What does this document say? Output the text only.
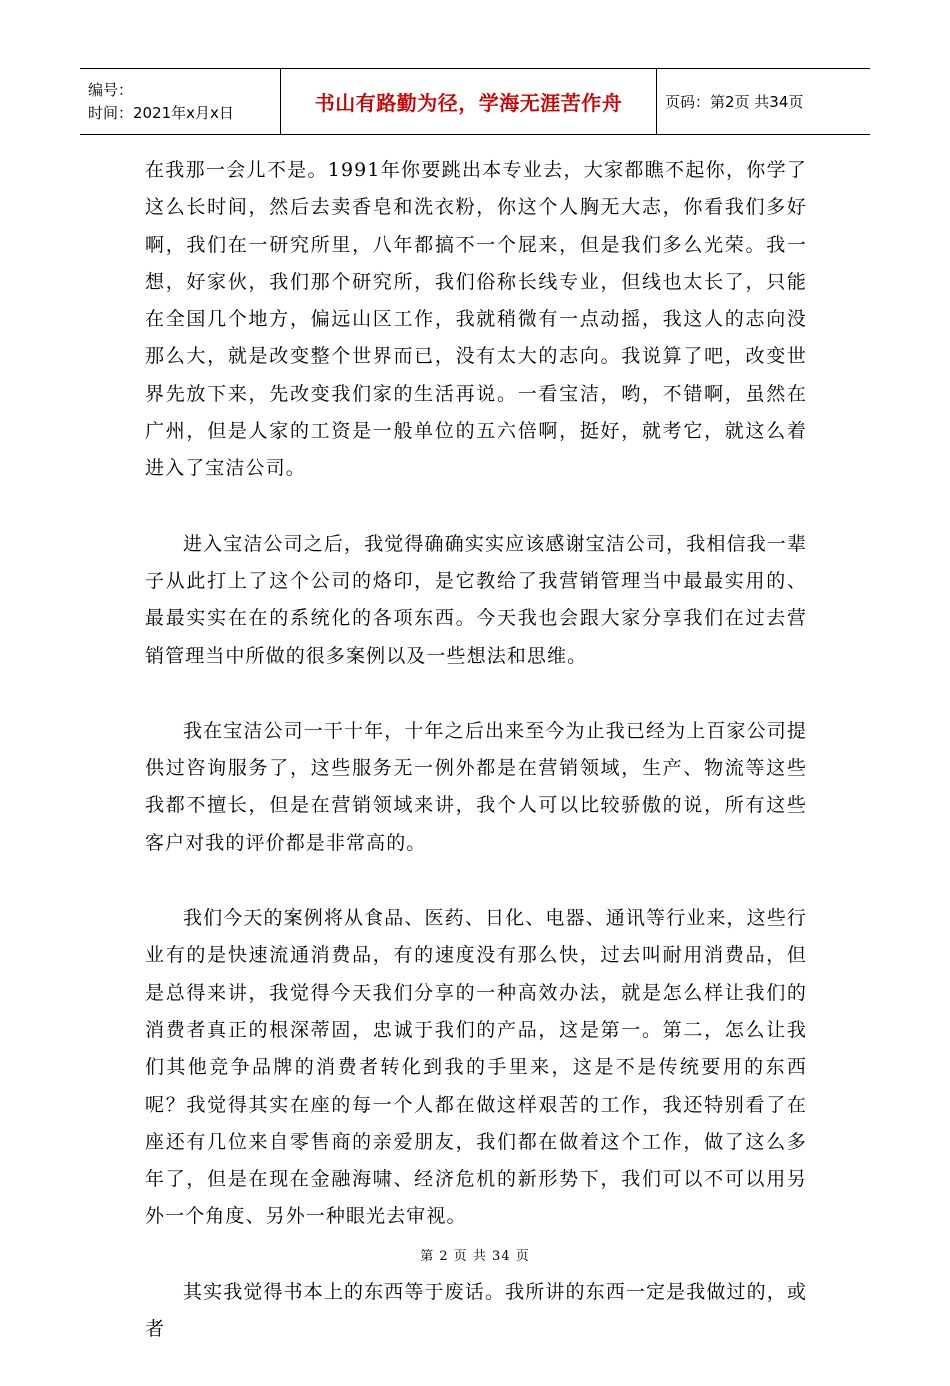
编号：
时间：2021年x月x日	书山有路勤为径，学海无涯苦作舟	页码：第2页 共34页

在我那一会儿不是。1991年你要跳出本专业去，大家都瞧不起你，你学了这么长时间，然后去卖香皂和洗衣粉，你这个人胸无大志，你看我们多好啊，我们在一研究所里，八年都搞不一个屁来，但是我们多么光荣。我一想，好家伙，我们那个研究所，我们俗称长线专业，但线也太长了，只能在全国几个地方，偏远山区工作，我就稍微有一点动摇，我这人的志向没那么大，就是改变整个世界而已，没有太大的志向。我说算了吧，改变世界先放下来，先改变我们家的生活再说。一看宝洁，哟，不错啊，虽然在广州，但是人家的工资是一般单位的五六倍啊，挺好，就考它，就这么着进入了宝洁公司。

进入宝洁公司之后，我觉得确确实实应该感谢宝洁公司，我相信我一辈子从此打上了这个公司的烙印，是它教给了我营销管理当中最最实用的、最最实实在在的系统化的各项东西。今天我也会跟大家分享我们在过去营销管理当中所做的很多案例以及一些想法和思维。

我在宝洁公司一干十年，十年之后出来至今为止我已经为上百家公司提供过咨询服务了，这些服务无一例外都是在营销领域，生产、物流等这些我都不擅长，但是在营销领域来讲，我个人可以比较骄傲的说，所有这些客户对我的评价都是非常高的。

我们今天的案例将从食品、医药、日化、电器、通讯等行业来，这些行业有的是快速流通消费品，有的速度没有那么快，过去叫耐用消费品，但是总得来讲，我觉得今天我们分享的一种高效办法，就是怎么样让我们的消费者真正的根深蒂固，忠诚于我们的产品，这是第一。第二，怎么让我们其他竞争品牌的消费者转化到我的手里来，这是不是传统要用的东西呢？我觉得其实在座的每一个人都在做这样艰苦的工作，我还特别看了在座还有几位来自零售商的亲爱朋友，我们都在做着这个工作，做了这么多年了，但是在现在金融海啸、经济危机的新形势下，我们可以不可以用另外一个角度、另外一种眼光去审视。

其实我觉得书本上的东西等于废话。我所讲的东西一定是我做过的，或者

第 2 页 共 34 页
